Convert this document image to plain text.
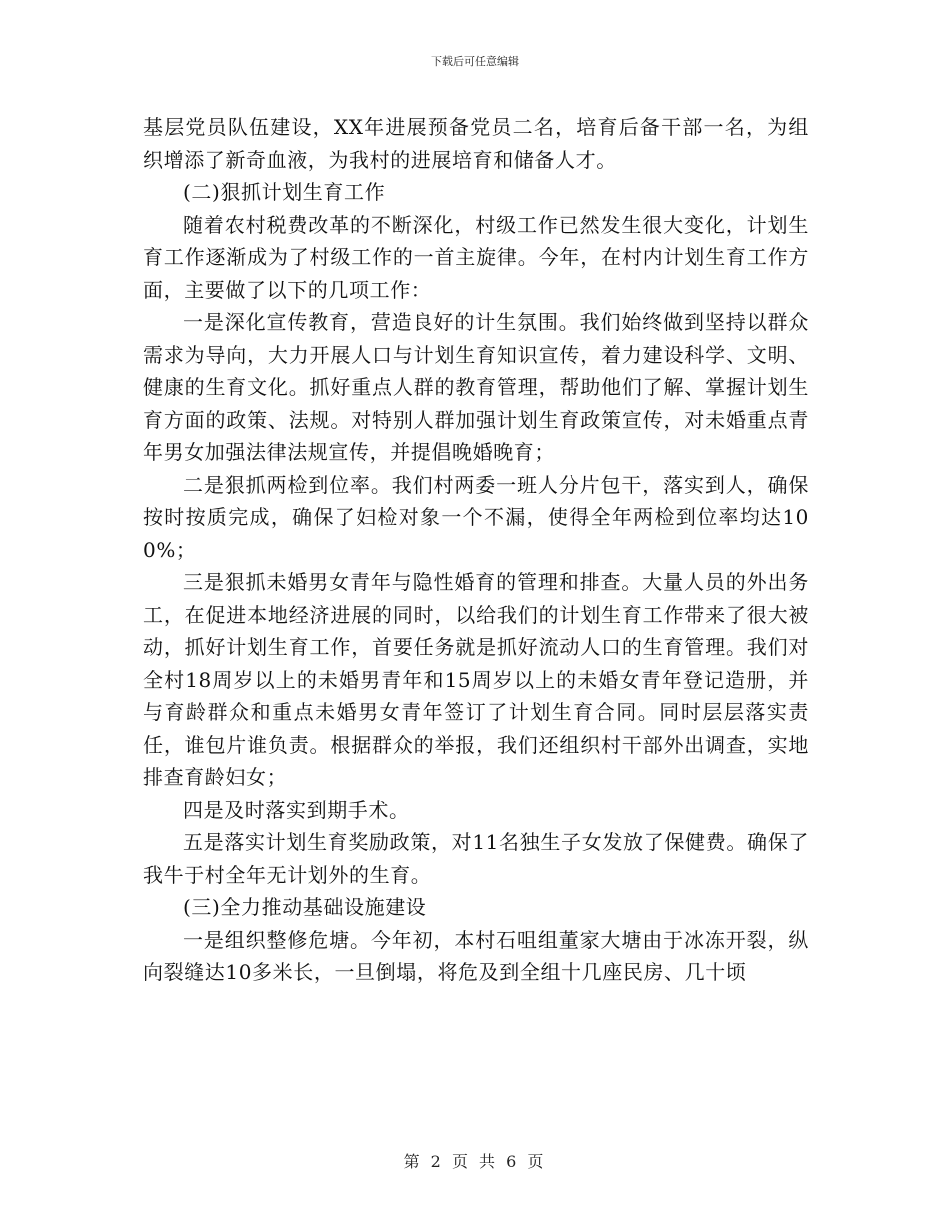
下载后可任意编辑

基层党员队伍建设，XX年进展预备党员二名，培育后备干部一名，为组织增添了新奇血液，为我村的进展培育和储备人才。

(二)狠抓计划生育工作

随着农村税费改革的不断深化，村级工作已然发生很大变化，计划生育工作逐渐成为了村级工作的一首主旋律。今年，在村内计划生育工作方面，主要做了以下的几项工作：

一是深化宣传教育，营造良好的计生氛围。我们始终做到坚持以群众需求为导向，大力开展人口与计划生育知识宣传，着力建设科学、文明、健康的生育文化。抓好重点人群的教育管理，帮助他们了解、掌握计划生育方面的政策、法规。对特别人群加强计划生育政策宣传，对未婚重点青年男女加强法律法规宣传，并提倡晚婚晚育；

二是狠抓两检到位率。我们村两委一班人分片包干，落实到人，确保按时按质完成，确保了妇检对象一个不漏，使得全年两检到位率均达100%；

三是狠抓未婚男女青年与隐性婚育的管理和排查。大量人员的外出务工，在促进本地经济进展的同时，以给我们的计划生育工作带来了很大被动，抓好计划生育工作，首要任务就是抓好流动人口的生育管理。我们对全村18周岁以上的未婚男青年和15周岁以上的未婚女青年登记造册，并与育龄群众和重点未婚男女青年签订了计划生育合同。同时层层落实责任，谁包片谁负责。根据群众的举报，我们还组织村干部外出调查，实地排查育龄妇女；

四是及时落实到期手术。

五是落实计划生育奖励政策，对11名独生子女发放了保健费。确保了我牛于村全年无计划外的生育。

(三)全力推动基础设施建设

一是组织整修危塘。今年初，本村石咀组董家大塘由于冰冻开裂，纵向裂缝达10多米长，一旦倒塌，将危及到全组十几座民房、几十顷

第 2 页 共 6 页
